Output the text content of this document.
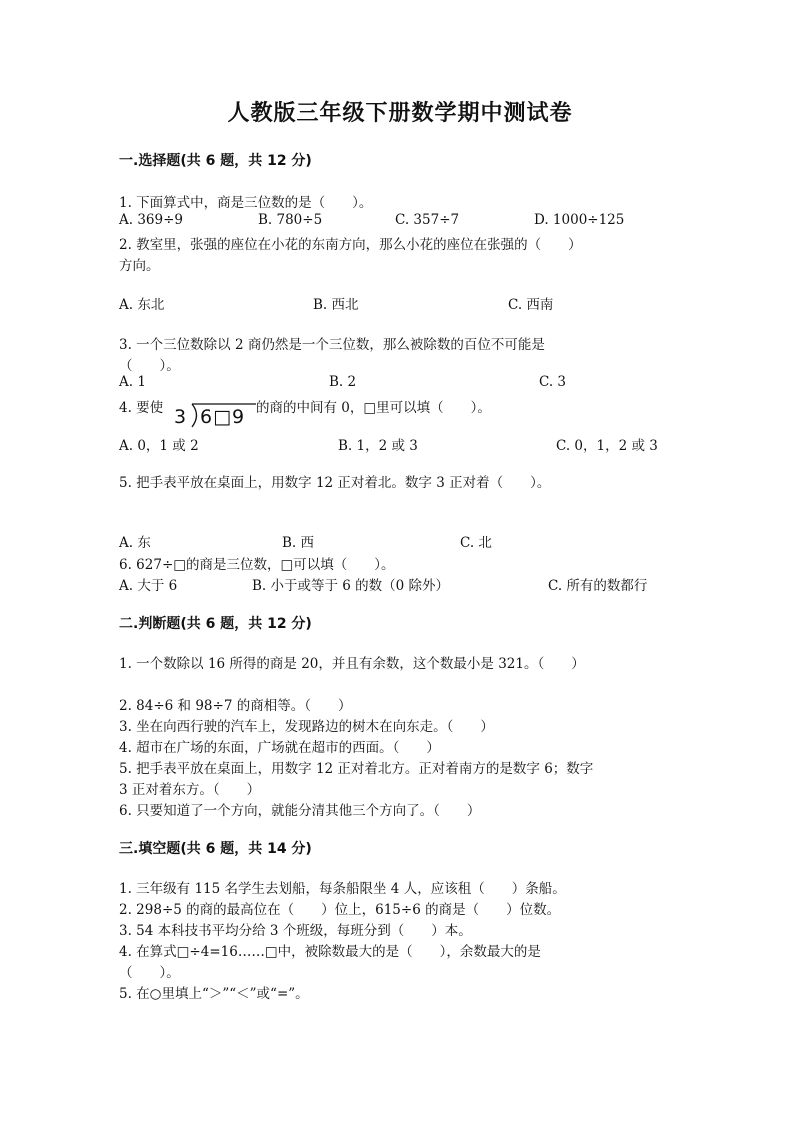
人教版三年级下册数学期中测试卷
一.选择题(共 6 题，共 12 分)
1. 下面算式中，商是三位数的是（　　）。
A. 369÷9	B. 780÷5	C. 357÷7	D. 1000÷125
2. 教室里，张强的座位在小花的东南方向，那么小花的座位在张强的（　　）
方向。
A. 东北	B. 西北	C. 西南
3. 一个三位数除以 2 商仍然是一个三位数，那么被除数的百位不可能是
（　　）。
A. 1	B. 2	C. 3
4. 要使 3 6□9 的商的中间有 0，□里可以填（　　）。
A. 0，1 或 2	B. 1，2 或 3	C. 0，1，2 或 3
5. 把手表平放在桌面上，用数字 12 正对着北。数字 3 正对着（　　）。
A. 东	B. 西	C. 北
6. 627÷□的商是三位数，□可以填（　　）。
A. 大于 6	B. 小于或等于 6 的数（0 除外）	C. 所有的数都行
二.判断题(共 6 题，共 12 分)
1. 一个数除以 16 所得的商是 20，并且有余数，这个数最小是 321。（　　）
2. 84÷6 和 98÷7 的商相等。（　　）
3. 坐在向西行驶的汽车上，发现路边的树木在向东走。（　　）
4. 超市在广场的东面，广场就在超市的西面。（　　）
5. 把手表平放在桌面上，用数字 12 正对着北方。正对着南方的是数字 6；数字
3 正对着东方。（　　）
6. 只要知道了一个方向，就能分清其他三个方向了。（　　）
三.填空题(共 6 题，共 14 分)
1. 三年级有 115 名学生去划船，每条船限坐 4 人，应该租（　　）条船。
2. 298÷5 的商的最高位在（　　）位上，615÷6 的商是（　　）位数。
3. 54 本科技书平均分给 3 个班级，每班分到（　　）本。
4. 在算式□÷4=16……□中，被除数最大的是（　　），余数最大的是
（　　）。
5. 在○里填上“＞”“＜”或“=”。
